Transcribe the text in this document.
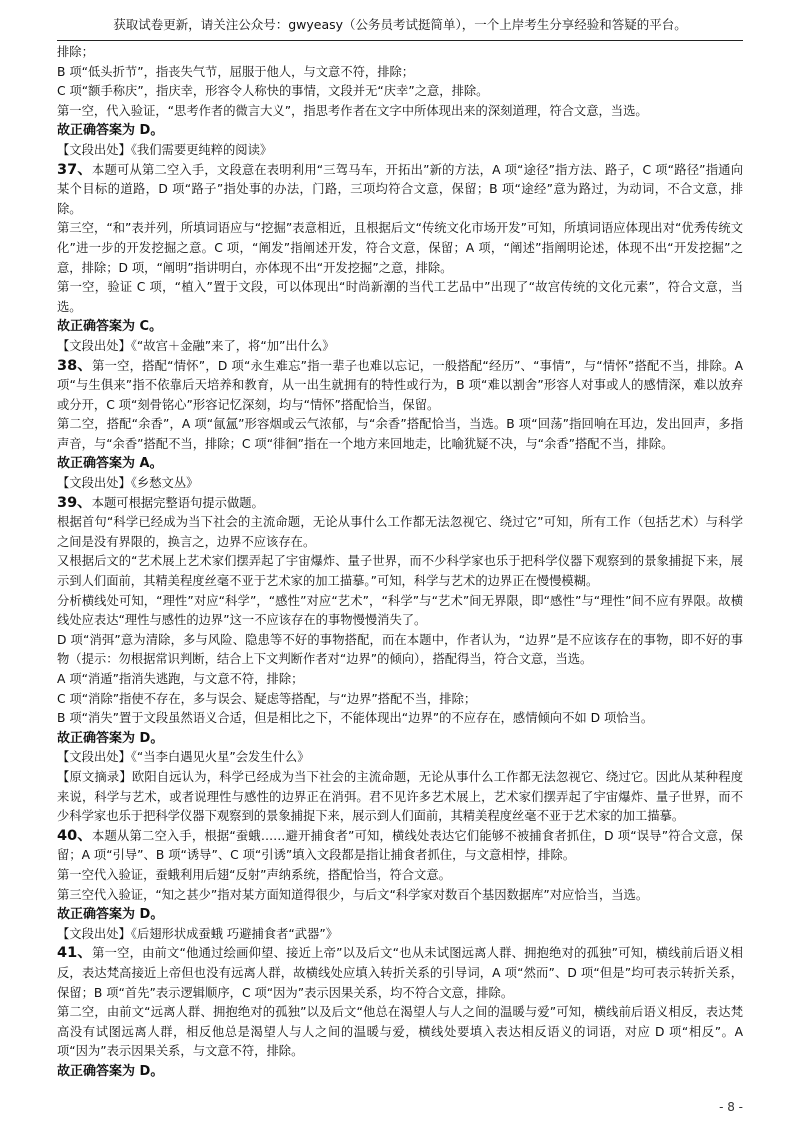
获取试卷更新，请关注公众号：gwyeasy（公务员考试挺简单），一个上岸考生分享经验和答疑的平台。

排除；

B 项“低头折节”，指丧失气节，屈服于他人，与文意不符，排除；

C 项“额手称庆”，指庆幸，形容令人称快的事情，文段并无“庆幸”之意，排除。

第一空，代入验证，“思考作者的微言大义”，指思考作者在文字中所体现出来的深刻道理，符合文意，当选。

故正确答案为 D。

【文段出处】《我们需要更纯粹的阅读》

37、本题可从第二空入手，文段意在表明利用“三驾马车，开拓出”新的方法，A 项“途径”指方法、路子，C 项“路径”指通向某个目标的道路，D 项“路子”指处事的办法，门路，三项均符合文意，保留；B 项“途经”意为路过，为动词，不合文意，排除。

第三空，“和”表并列，所填词语应与“挖掘”表意相近，且根据后文“传统文化市场开发”可知，所填词语应体现出对“优秀传统文化”进一步的开发挖掘之意。C 项，“阐发”指阐述开发，符合文意，保留；A 项，“阐述”指阐明论述，体现不出“开发挖掘”之意，排除；D 项，“阐明”指讲明白，亦体现不出“开发挖掘”之意，排除。

第一空，验证 C 项，“植入”置于文段，可以体现出“时尚新潮的当代工艺品中”出现了“故宫传统的文化元素”，符合文意，当选。

故正确答案为 C。

【文段出处】《“故宫＋金融”来了，将“加”出什么》

38、第一空，搭配“情怀”，D 项“永生难忘”指一辈子也难以忘记，一般搭配“经历”、“事情”，与“情怀”搭配不当，排除。A 项“与生俱来”指不依靠后天培养和教育，从一出生就拥有的特性或行为，B 项“难以割舍”形容人对事或人的感情深，难以放弃或分开，C 项“刻骨铭心”形容记忆深刻，均与“情怀”搭配恰当，保留。

第二空，搭配“余香”，A 项“氤氲”形容烟或云气浓郁，与“余香”搭配恰当，当选。B 项“回荡”指回响在耳边，发出回声，多指声音，与“余香”搭配不当，排除；C 项“徘徊”指在一个地方来回地走，比喻犹疑不决，与“余香”搭配不当，排除。

故正确答案为 A。

【文段出处】《乡愁文丛》

39、本题可根据完整语句提示做题。

根据首句“科学已经成为当下社会的主流命题，无论从事什么工作都无法忽视它、绕过它”可知，所有工作（包括艺术）与科学之间是没有界限的，换言之，边界不应该存在。

又根据后文的“艺术展上艺术家们摆弄起了宇宙爆炸、量子世界，而不少科学家也乐于把科学仪器下观察到的景象捕捉下来，展示到人们面前，其精美程度丝毫不亚于艺术家的加工描摹。”可知，科学与艺术的边界正在慢慢模糊。

分析横线处可知，“理性”对应“科学”，“感性”对应“艺术”，“科学”与“艺术”间无界限，即“感性”与“理性”间不应有界限。故横线处应表达“理性与感性的边界”这一不应该存在的事物慢慢消失了。

D 项“消弭”意为清除，多与风险、隐患等不好的事物搭配，而在本题中，作者认为，“边界”是不应该存在的事物，即不好的事物（提示：勿根据常识判断，结合上下文判断作者对“边界”的倾向），搭配得当，符合文意，当选。

A 项“消遁”指消失逃跑，与文意不符，排除；

C 项“消除”指使不存在，多与误会、疑虑等搭配，与“边界”搭配不当，排除；

B 项“消失”置于文段虽然语义合适，但是相比之下，不能体现出“边界”的不应存在，感情倾向不如 D 项恰当。

故正确答案为 D。

【文段出处】《“当李白遇见火星”会发生什么》

【原文摘录】欧阳自远认为，科学已经成为当下社会的主流命题，无论从事什么工作都无法忽视它、绕过它。因此从某种程度来说，科学与艺术，或者说理性与感性的边界正在消弭。君不见许多艺术展上，艺术家们摆弄起了宇宙爆炸、量子世界，而不少科学家也乐于把科学仪器下观察到的景象捕捉下来，展示到人们面前，其精美程度丝毫不亚于艺术家的加工描摹。

40、本题从第二空入手，根据“蚕蛾……避开捕食者”可知，横线处表达它们能够不被捕食者抓住，D 项“误导”符合文意，保留；A 项“引导”、B 项“诱导”、C 项“引诱”填入文段都是指让捕食者抓住，与文意相悖，排除。

第一空代入验证，蚕蛾利用后翅“反射”声纳系统，搭配恰当，符合文意。

第三空代入验证，“知之甚少”指对某方面知道得很少，与后文“科学家对数百个基因数据库”对应恰当，当选。

故正确答案为 D。

【文段出处】《后翅形状成蚕蛾 巧避捕食者“武器”》

41、第一空，由前文“他通过绘画仰望、接近上帝”以及后文“也从未试图远离人群、拥抱绝对的孤独”可知，横线前后语义相反，表达梵高接近上帝但也没有远离人群，故横线处应填入转折关系的引导词，A 项“然而”、D 项“但是”均可表示转折关系，保留；B 项“首先”表示逻辑顺序，C 项“因为”表示因果关系，均不符合文意，排除。

第二空，由前文“远离人群、拥抱绝对的孤独”以及后文“他总在渴望人与人之间的温暖与爱”可知，横线前后语义相反，表达梵高没有试图远离人群，相反他总是渴望人与人之间的温暖与爱，横线处要填入表达相反语义的词语，对应 D 项“相反”。A 项“因为”表示因果关系，与文意不符，排除。

故正确答案为 D。

- 8 -
